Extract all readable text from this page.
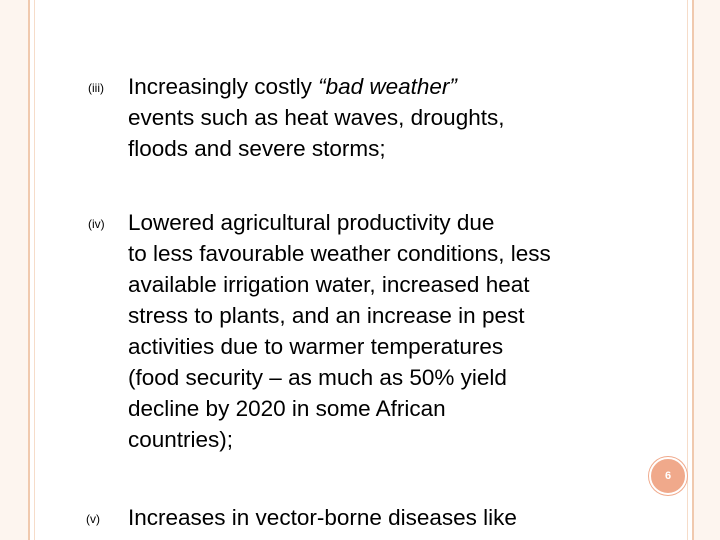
(iii) Increasingly costly “bad weather”
events such as heat waves, droughts,
floods and severe storms;
(iv) Lowered agricultural productivity due
to less favourable weather conditions, less
available irrigation water, increased heat
stress to plants, and an increase in pest
activities due to warmer temperatures
(food security – as much as 50% yield
decline by 2020 in some African
countries);
6
(v) Increases in vector-borne diseases like
